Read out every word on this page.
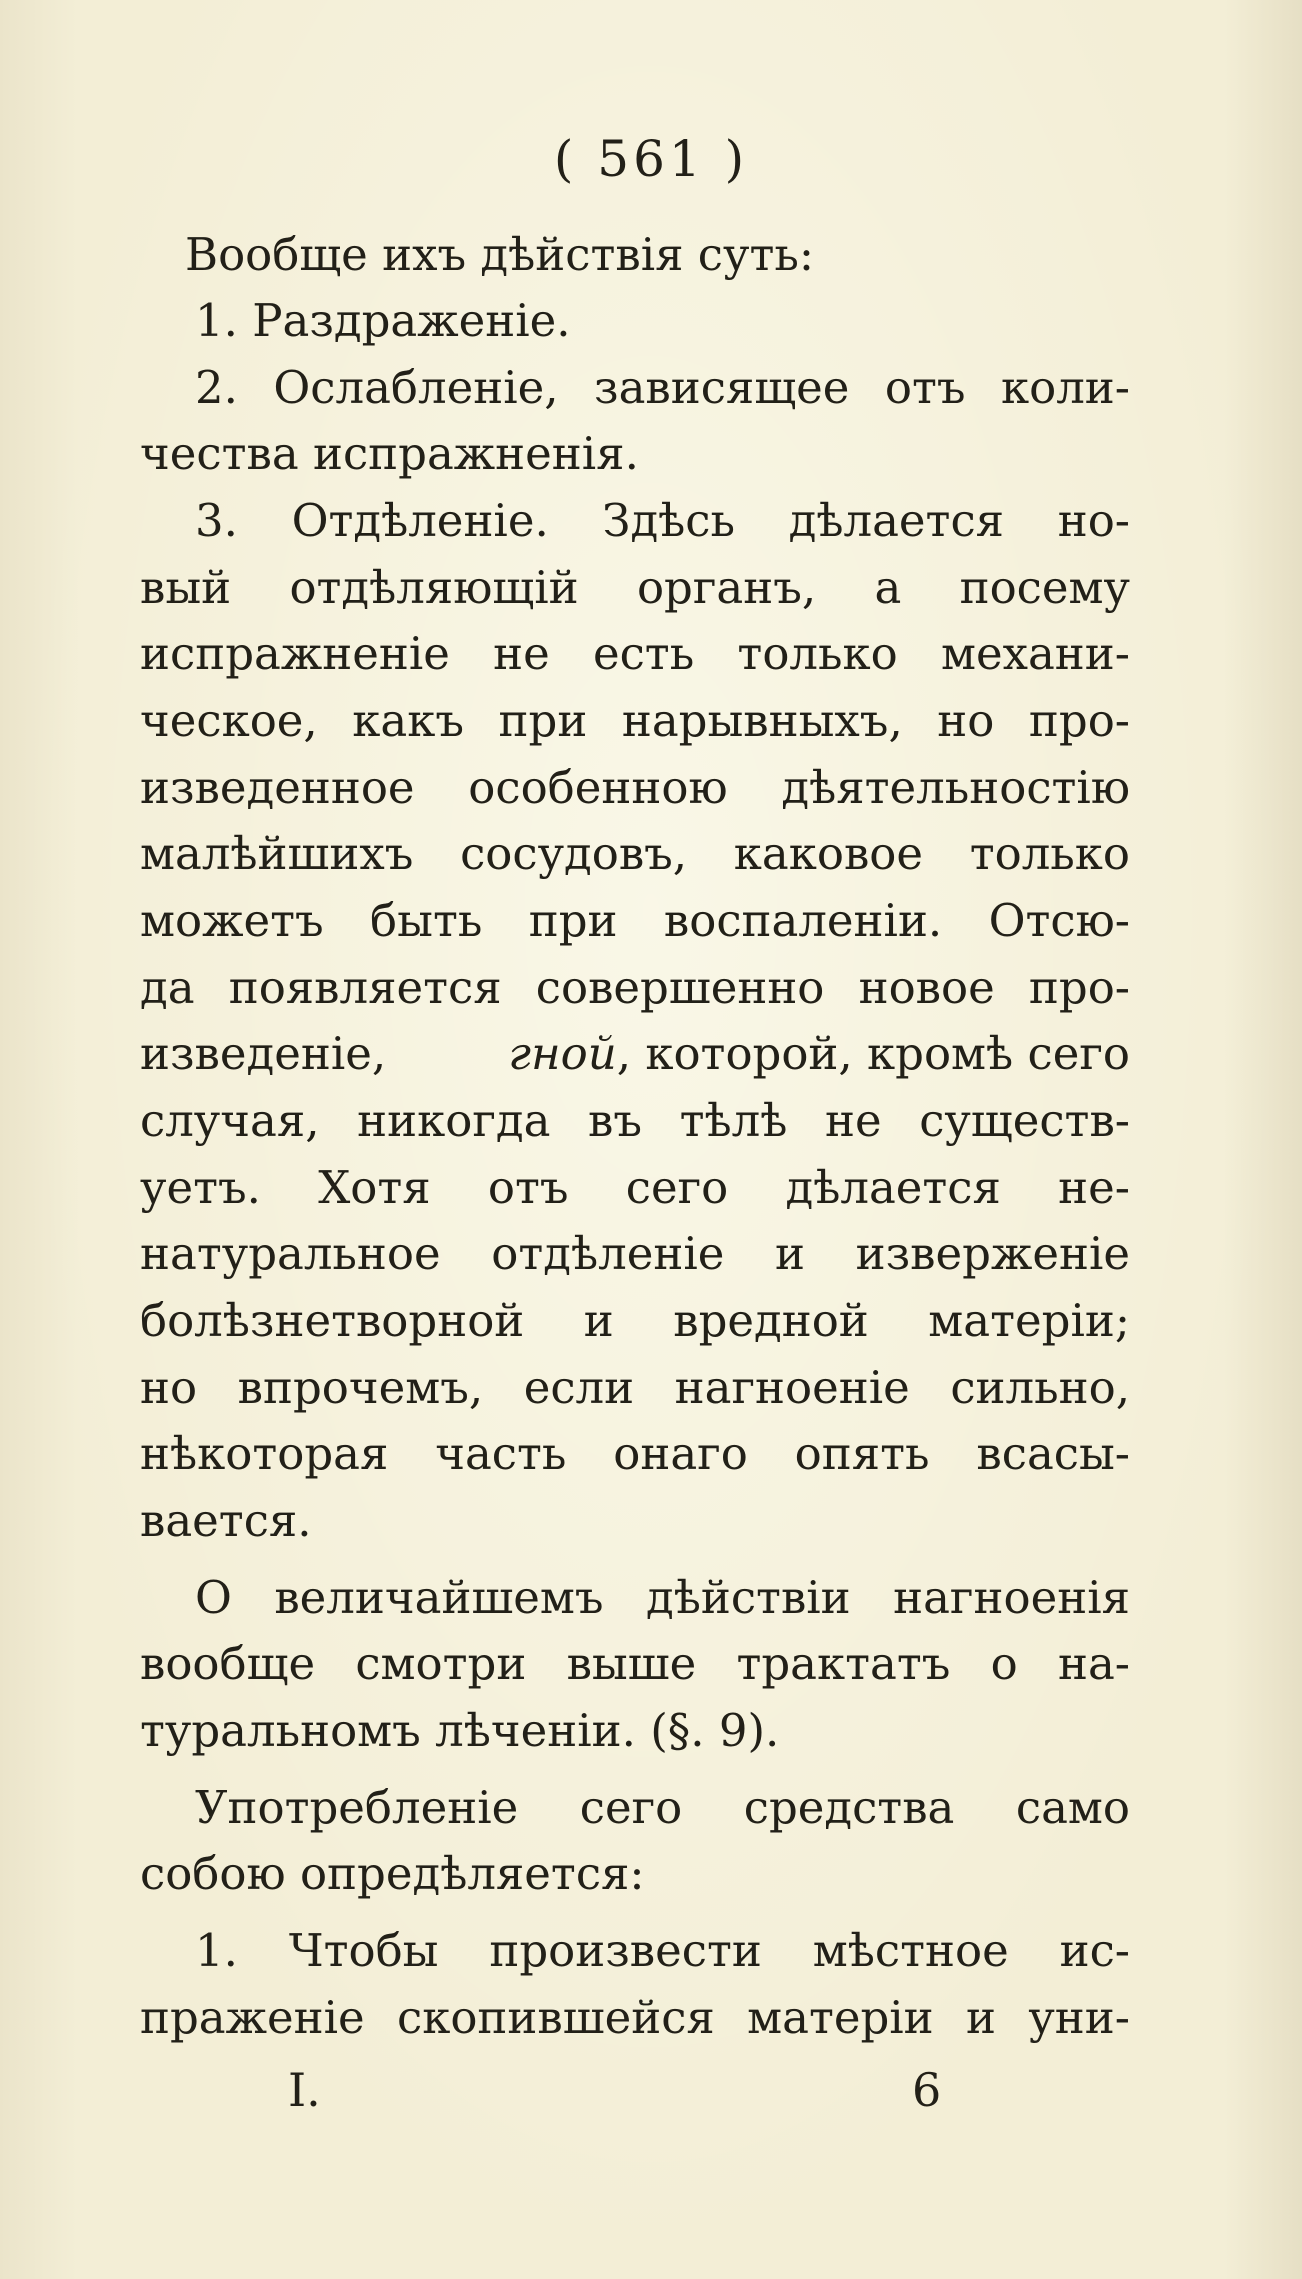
( 561 )
Вообще ихъ дѣйствія суть:
1. Раздраженіе.
2. Ослабленіе, зависящее отъ коли-
чества испражненія.
3. Отдѣленіе. Здѣсь дѣлается но-
вый отдѣляющій органъ, а посему
испражненіе не есть только механи-
ческое, какъ при нарывныхъ, но про-
изведенное особенною дѣятельностію
малѣйшихъ сосудовъ, каковое только
можетъ быть при воспаленіи. Отсю-
да появляется совершенно новое про-
изведеніе,	гной, которой, кромѣ сего
случая, никогда въ тѣлѣ не существ-
уетъ. Хотя отъ сего дѣлается не-
натуральное отдѣленіе и изверженіе
болѣзнетворной и вредной матеріи;
но впрочемъ, если нагноеніе сильно,
нѣкоторая часть онаго опять всасы-
вается.
О величайшемъ дѣйствіи нагноенія
вообще смотри выше трактатъ о на-
туральномъ лѣченіи. (§. 9).
Употребленіе сего средства само
собою опредѣляется:
1. Чтобы произвести мѣстное ис-
праженіе скопившейся матеріи и уни-
I.	6
